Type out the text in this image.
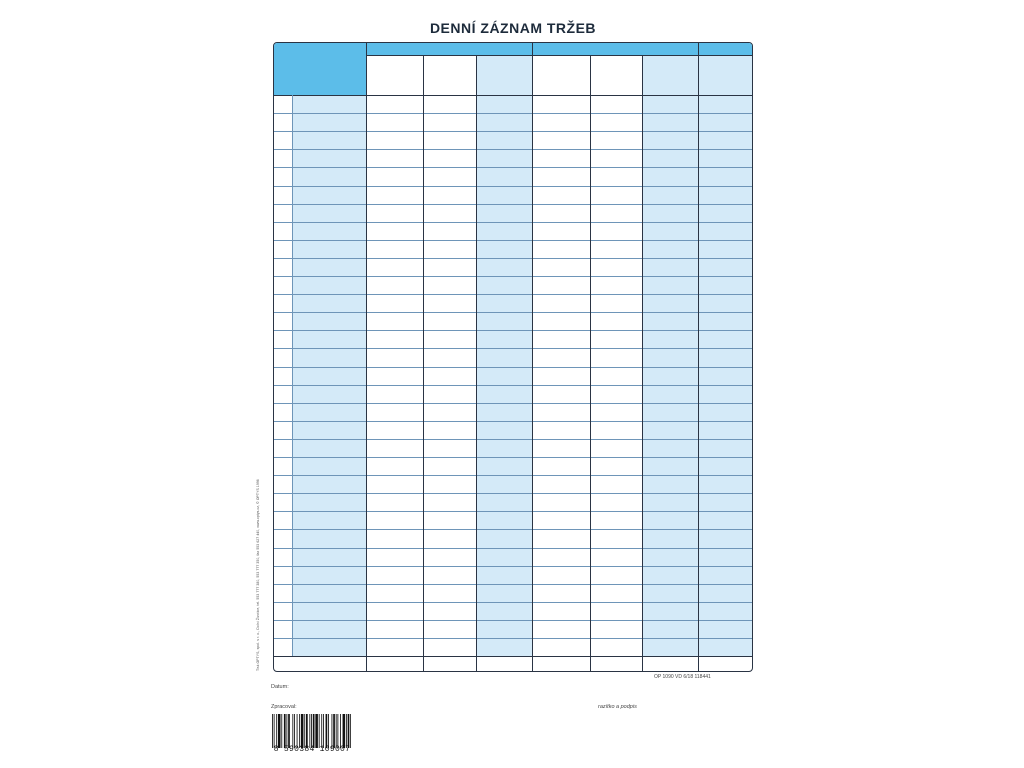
DENNÍ ZÁZNAM TRŽEB
Tisk OPTYS, spol. s r. o., Dolní Životice, tel. 553 777 380, 553 777 350, fax 553 627 440, www.optys.cz, © OPTYS 1996
OP 1090 VD 6/18 118441
Datum:
Zpracoval:	razítko a podpis
8 590384 109007
